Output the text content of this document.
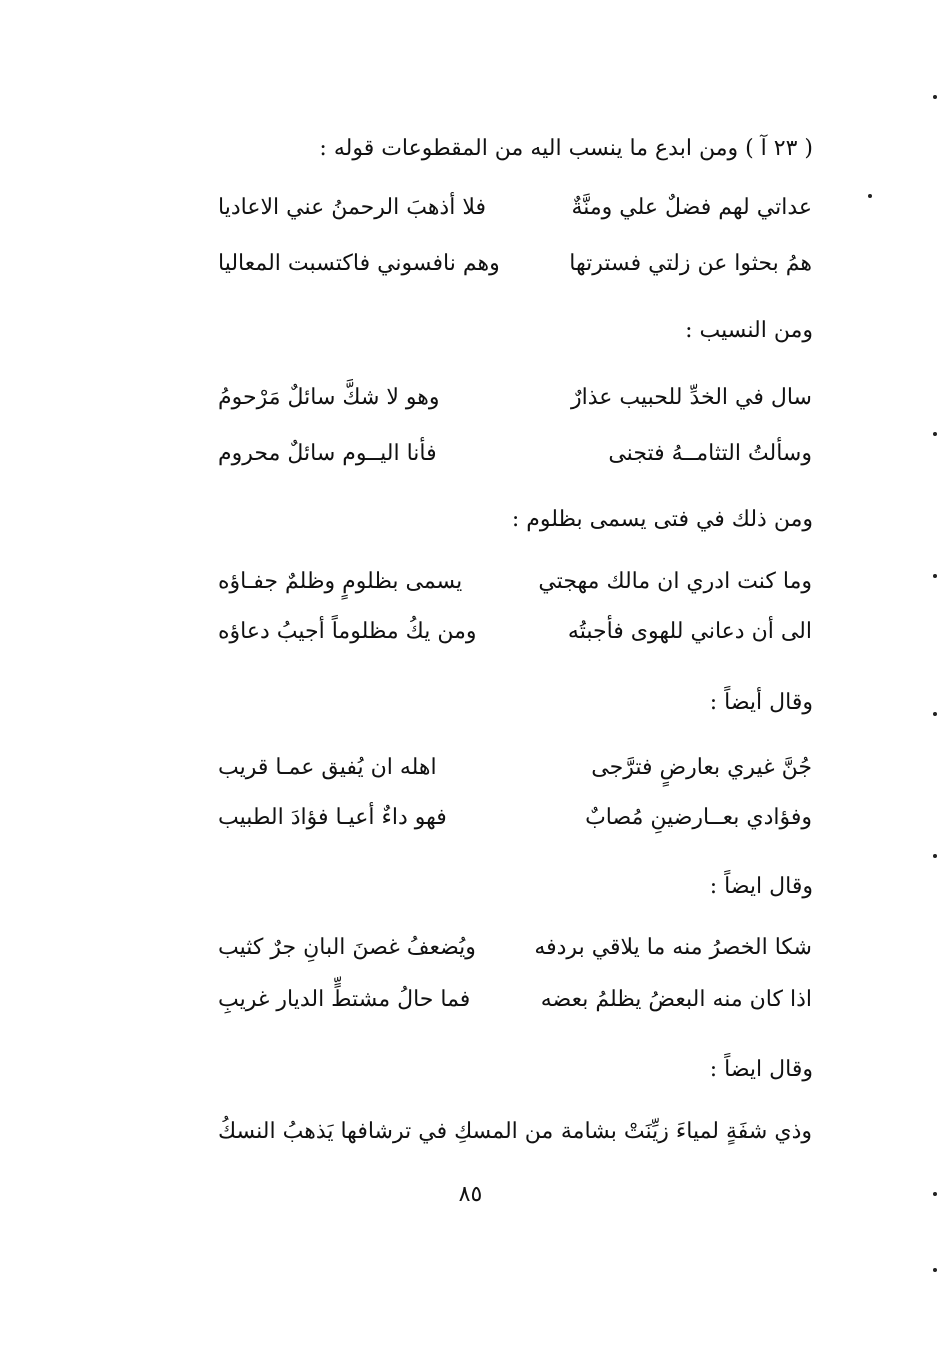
( ٢٣ آ ) ومن ابدع ما ينسب اليه من المقطوعات قوله :
عداتي لهم فضلٌ علي ومنَّةٌ
فلا أذهبَ الرحمنُ عني الاعاديا
همُ بحثوا عن زلتي فسترتها
وهم نافسوني فاكتسبت المعاليا
ومن النسيب :
سال في الخدِّ للحبيب عذارٌ
وهو لا شكَّ سائلٌ مَرْحومُ
وسألتُ التثامــهُ فتجنى
فأنا اليــوم سائلٌ محروم
ومن ذلك في فتى يسمى بظلوم :
وما كنت ادري ان مالك مهجتي
يسمى بظلومٍ وظلمٌ جفـاؤه
الى أن دعاني للهوى فأجبتُه
ومن يكُ مظلوماً أجيبُ دعاؤه
وقال أيضاً :
جُنَّ غيري بعارضٍ فترَّجى
اهله ان يُفيق عمـا قريب
وفؤادي بعــارضينِ مُصابٌ
فهو داءٌ أعيـا فؤادَ الطبيب
وقال ايضاً :
شكا الخصرُ منه ما يلاقي بردفه
ويُضعفُ غصنَ البانِ جرٌ كثيب
اذا كان منه البعضُ يظلمُ بعضه
فما حالُ مشتطٍّ الديار غريبِ
وقال ايضاً :
وذي شفَةٍ لمياءَ زيِّنَتْ بشامة
من المسكِ في ترشافها يَذهبُ النسكُ
٨٥
